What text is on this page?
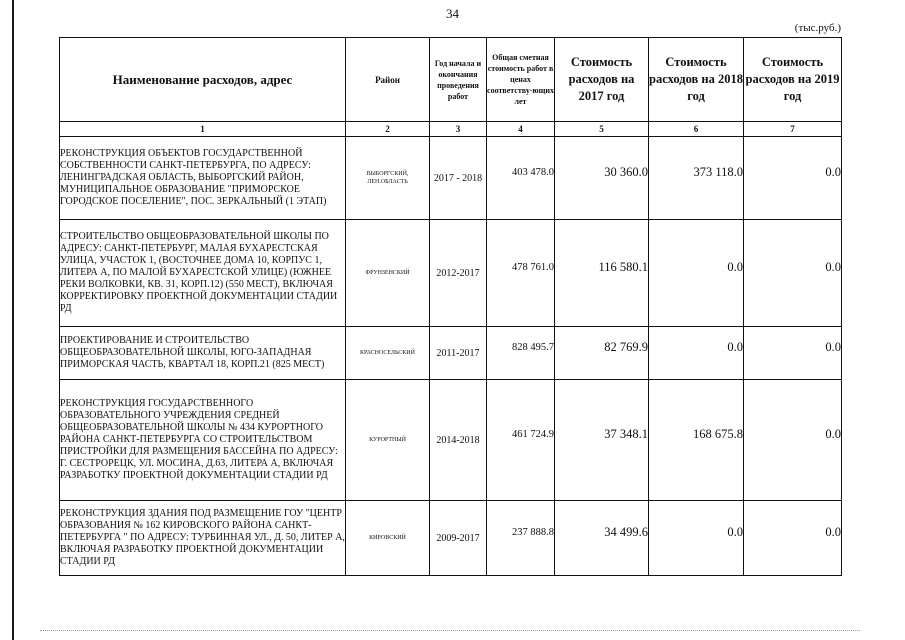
34
(тыс.руб.)
Наименование расходов, адрес	Район	Год начала и окончания проведения работ	Общая сметная стоимость работ в ценах соответству-ющих лет	Стоимость расходов на 2017 год	Стоимость расходов на 2018 год	Стоимость расходов на 2019 год
1	2	3	4	5	6	7
РЕКОНСТРУКЦИЯ ОБЪЕКТОВ ГОСУДАРСТВЕННОЙ СОБСТВЕННОСТИ САНКТ-ПЕТЕРБУРГА, ПО АДРЕСУ: ЛЕНИНГРАДСКАЯ ОБЛАСТЬ, ВЫБОРГСКИЙ РАЙОН, МУНИЦИПАЛЬНОЕ ОБРАЗОВАНИЕ "ПРИМОРСКОЕ ГОРОДСКОЕ ПОСЕЛЕНИЕ", ПОС. ЗЕРКАЛЬНЫЙ (1 ЭТАП)	ВЫБОРГСКИЙ, ЛЕН.ОБЛАСТЬ	2017 - 2018	403 478.0	30 360.0	373 118.0	0.0
СТРОИТЕЛЬСТВО ОБЩЕОБРАЗОВАТЕЛЬНОЙ ШКОЛЫ ПО АДРЕСУ: САНКТ-ПЕТЕРБУРГ, МАЛАЯ БУХАРЕСТСКАЯ УЛИЦА, УЧАСТОК 1, (ВОСТОЧНЕЕ ДОМА 10, КОРПУС 1, ЛИТЕРА А, ПО МАЛОЙ БУХАРЕСТСКОЙ УЛИЦЕ) (ЮЖНЕЕ РЕКИ ВОЛКОВКИ, КВ. 31, КОРП.12) (550 МЕСТ), ВКЛЮЧАЯ КОРРЕКТИРОВКУ ПРОЕКТНОЙ ДОКУМЕНТАЦИИ СТАДИИ РД	ФРУНЗЕНСКИЙ	2012-2017	478 761.0	116 580.1	0.0	0.0
ПРОЕКТИРОВАНИЕ И СТРОИТЕЛЬСТВО ОБЩЕОБРАЗОВАТЕЛЬНОЙ ШКОЛЫ, ЮГО-ЗАПАДНАЯ ПРИМОРСКАЯ ЧАСТЬ, КВАРТАЛ 18, КОРП.21 (825 МЕСТ)	КРАСНОСЕЛЬСКИЙ	2011-2017	828 495.7	82 769.9	0.0	0.0
РЕКОНСТРУКЦИЯ ГОСУДАРСТВЕННОГО ОБРАЗОВАТЕЛЬНОГО УЧРЕЖДЕНИЯ СРЕДНЕЙ ОБЩЕОБРАЗОВАТЕЛЬНОЙ ШКОЛЫ № 434 КУРОРТНОГО РАЙОНА САНКТ-ПЕТЕРБУРГА СО СТРОИТЕЛЬСТВОМ ПРИСТРОЙКИ ДЛЯ РАЗМЕЩЕНИЯ БАССЕЙНА ПО АДРЕСУ: Г. СЕСТРОРЕЦК, УЛ. МОСИНА, Д.63, ЛИТЕРА А, ВКЛЮЧАЯ РАЗРАБОТКУ ПРОЕКТНОЙ ДОКУМЕНТАЦИИ СТАДИИ РД	КУРОРТНЫЙ	2014-2018	461 724.9	37 348.1	168 675.8	0.0
РЕКОНСТРУКЦИЯ ЗДАНИЯ ПОД РАЗМЕЩЕНИЕ ГОУ "ЦЕНТР ОБРАЗОВАНИЯ № 162 КИРОВСКОГО РАЙОНА САНКТ-ПЕТЕРБУРГА " ПО АДРЕСУ: ТУРБИННАЯ УЛ., Д. 50, ЛИТЕР А, ВКЛЮЧАЯ РАЗРАБОТКУ ПРОЕКТНОЙ ДОКУМЕНТАЦИИ СТАДИИ РД	КИРОВСКИЙ	2009-2017	237 888.8	34 499.6	0.0	0.0
